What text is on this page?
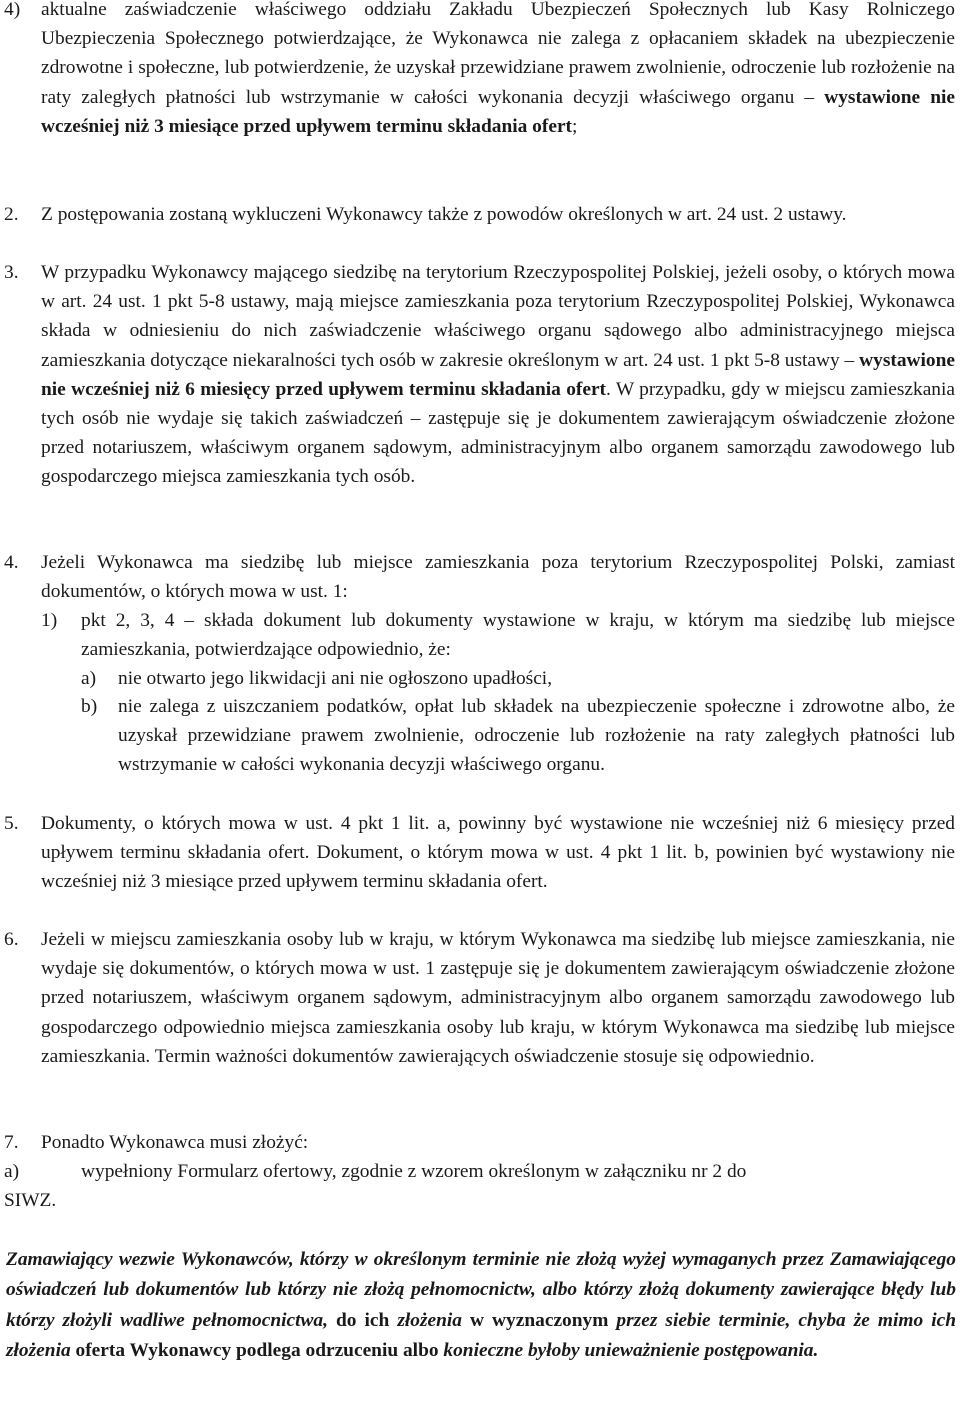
4) aktualne zaświadczenie właściwego oddziału Zakładu Ubezpieczeń Społecznych lub Kasy Rolniczego Ubezpieczenia Społecznego potwierdzające, że Wykonawca nie zalega z opłacaniem składek na ubezpieczenie zdrowotne i społeczne, lub potwierdzenie, że uzyskał przewidziane prawem zwolnienie, odroczenie lub rozłożenie na raty zaległych płatności lub wstrzymanie w całości wykonania decyzji właściwego organu – wystawione nie wcześniej niż 3 miesiące przed upływem terminu składania ofert;
2. Z postępowania zostaną wykluczeni Wykonawcy także z powodów określonych w art. 24 ust. 2 ustawy.
3. W przypadku Wykonawcy mającego siedzibę na terytorium Rzeczypospolitej Polskiej, jeżeli osoby, o których mowa w art. 24 ust. 1 pkt 5-8 ustawy, mają miejsce zamieszkania poza terytorium Rzeczypospolitej Polskiej, Wykonawca składa w odniesieniu do nich zaświadczenie właściwego organu sądowego albo administracyjnego miejsca zamieszkania dotyczące niekaralności tych osób w zakresie określonym w art. 24 ust. 1 pkt 5-8 ustawy – wystawione nie wcześniej niż 6 miesięcy przed upływem terminu składania ofert. W przypadku, gdy w miejscu zamieszkania tych osób nie wydaje się takich zaświadczeń – zastępuje się je dokumentem zawierającym oświadczenie złożone przed notariuszem, właściwym organem sądowym, administracyjnym albo organem samorządu zawodowego lub gospodarczego miejsca zamieszkania tych osób.
4. Jeżeli Wykonawca ma siedzibę lub miejsce zamieszkania poza terytorium Rzeczypospolitej Polski, zamiast dokumentów, o których mowa w ust. 1:
1) pkt 2, 3, 4 – składa dokument lub dokumenty wystawione w kraju, w którym ma siedzibę lub miejsce zamieszkania, potwierdzające odpowiednio, że:
a) nie otwarto jego likwidacji ani nie ogłoszono upadłości,
b) nie zalega z uiszczaniem podatków, opłat lub składek na ubezpieczenie społeczne i zdrowotne albo, że uzyskał przewidziane prawem zwolnienie, odroczenie lub rozłożenie na raty zaległych płatności lub wstrzymanie w całości wykonania decyzji właściwego organu.
5. Dokumenty, o których mowa w ust. 4 pkt 1 lit. a, powinny być wystawione nie wcześniej niż 6 miesięcy przed upływem terminu składania ofert. Dokument, o którym mowa w ust. 4 pkt 1 lit. b, powinien być wystawiony nie wcześniej niż 3 miesiące przed upływem terminu składania ofert.
6. Jeżeli w miejscu zamieszkania osoby lub w kraju, w którym Wykonawca ma siedzibę lub miejsce zamieszkania, nie wydaje się dokumentów, o których mowa w ust. 1 zastępuje się je dokumentem zawierającym oświadczenie złożone przed notariuszem, właściwym organem sądowym, administracyjnym albo organem samorządu zawodowego lub gospodarczego odpowiednio miejsca zamieszkania osoby lub kraju, w którym Wykonawca ma siedzibę lub miejsce zamieszkania. Termin ważności dokumentów zawierających oświadczenie stosuje się odpowiednio.
7. Ponadto Wykonawca musi złożyć:
a)	wypełniony Formularz ofertowy, zgodnie z wzorem określonym w załączniku nr 2 do
SIWZ.
Zamawiający wezwie Wykonawców, którzy w określonym terminie nie złożą wyżej wymaganych przez Zamawiającego oświadczeń lub dokumentów lub którzy nie złożą pełnomocnictw, albo którzy złożą dokumenty zawierające błędy lub którzy złożyli wadliwe pełnomocnictwa, do ich złożenia w wyznaczonym przez siebie terminie, chyba że mimo ich złożenia oferta Wykonawcy podlega odrzuceniu albo konieczne byłoby unieważnienie postępowania.
